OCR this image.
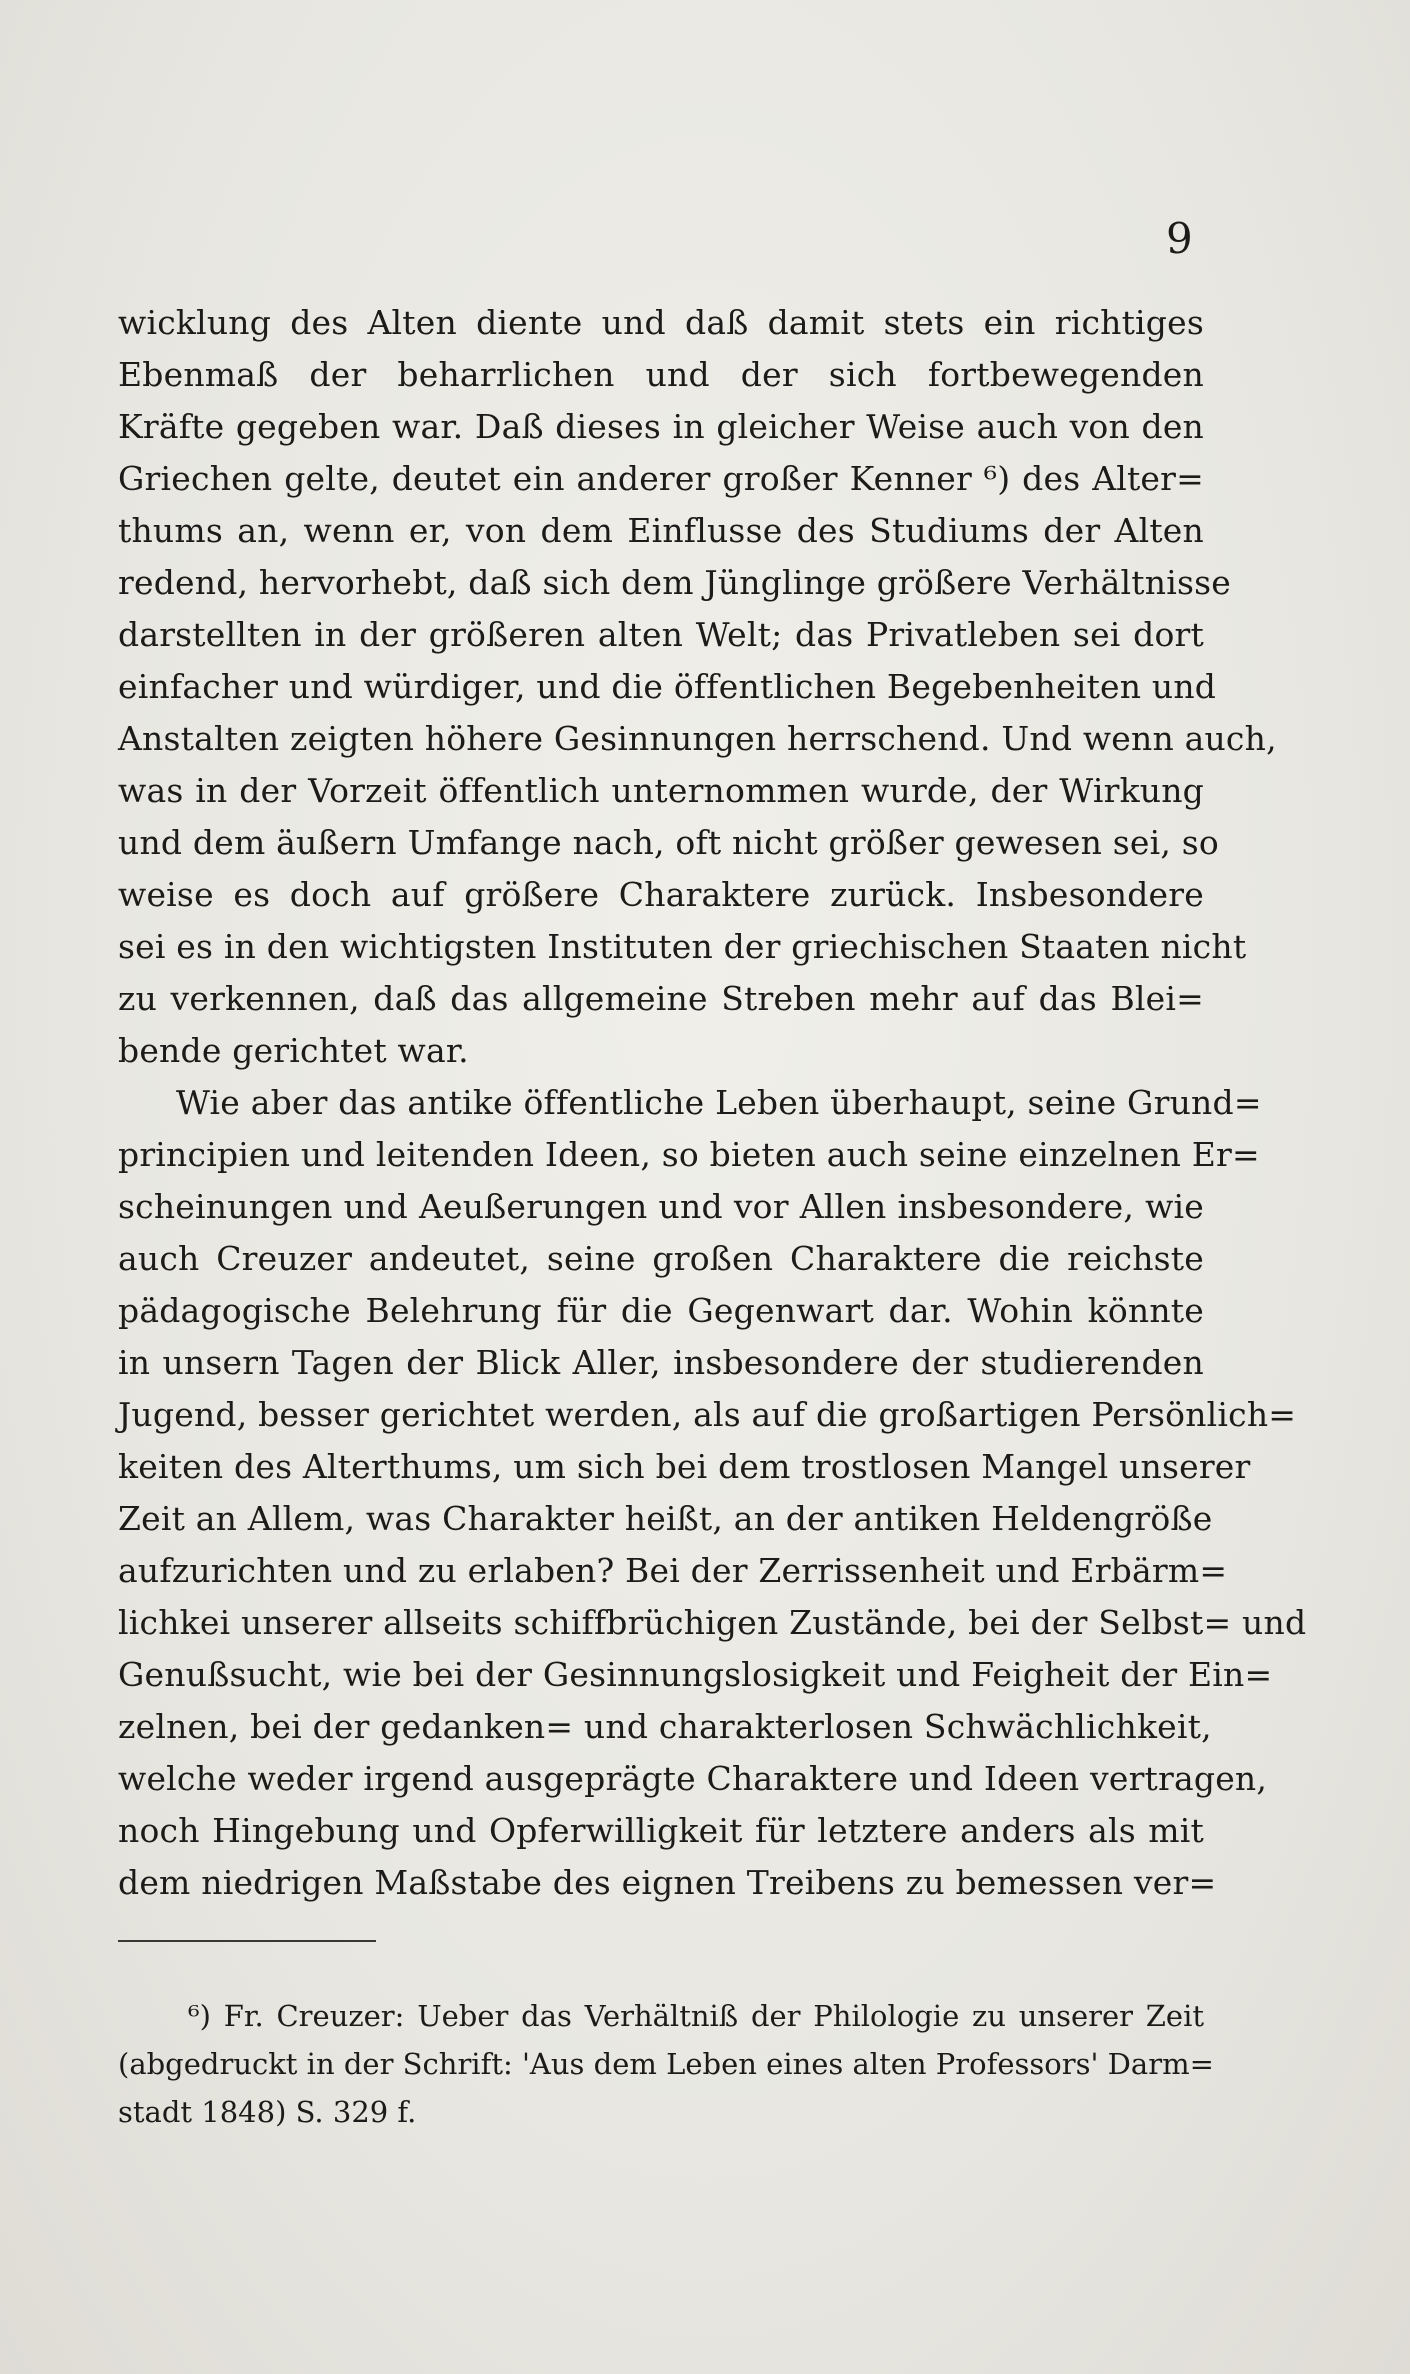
9
wicklung des Alten diente und daß damit stets ein richtiges
Ebenmaß der beharrlichen und der sich fortbewegenden
Kräfte gegeben war. Daß dieses in gleicher Weise auch von den
Griechen gelte, deutet ein anderer großer Kenner ⁶) des Alter=
thums an, wenn er, von dem Einflusse des Studiums der Alten
redend, hervorhebt, daß sich dem Jünglinge größere Verhältnisse
darstellten in der größeren alten Welt; das Privatleben sei dort
einfacher und würdiger, und die öffentlichen Begebenheiten und
Anstalten zeigten höhere Gesinnungen herrschend. Und wenn auch,
was in der Vorzeit öffentlich unternommen wurde, der Wirkung
und dem äußern Umfange nach, oft nicht größer gewesen sei, so
weise es doch auf größere Charaktere zurück. Insbesondere
sei es in den wichtigsten Instituten der griechischen Staaten nicht
zu verkennen, daß das allgemeine Streben mehr auf das Blei=
bende gerichtet war.
Wie aber das antike öffentliche Leben überhaupt, seine Grund=
principien und leitenden Ideen, so bieten auch seine einzelnen Er=
scheinungen und Aeußerungen und vor Allen insbesondere, wie
auch Creuzer andeutet, seine großen Charaktere die reichste
pädagogische Belehrung für die Gegenwart dar. Wohin könnte
in unsern Tagen der Blick Aller, insbesondere der studierenden
Jugend, besser gerichtet werden, als auf die großartigen Persönlich=
keiten des Alterthums, um sich bei dem trostlosen Mangel unserer
Zeit an Allem, was Charakter heißt, an der antiken Heldengröße
aufzurichten und zu erlaben? Bei der Zerrissenheit und Erbärm=
lichkei unserer allseits schiffbrüchigen Zustände, bei der Selbst= und
Genußsucht, wie bei der Gesinnungslosigkeit und Feigheit der Ein=
zelnen, bei der gedanken= und charakterlosen Schwächlichkeit,
welche weder irgend ausgeprägte Charaktere und Ideen vertragen,
noch Hingebung und Opferwilligkeit für letztere anders als mit
dem niedrigen Maßstabe des eignen Treibens zu bemessen ver=
⁶) Fr. Creuzer: Ueber das Verhältniß der Philologie zu unserer Zeit
(abgedruckt in der Schrift: 'Aus dem Leben eines alten Professors' Darm=
stadt 1848) S. 329 f.
